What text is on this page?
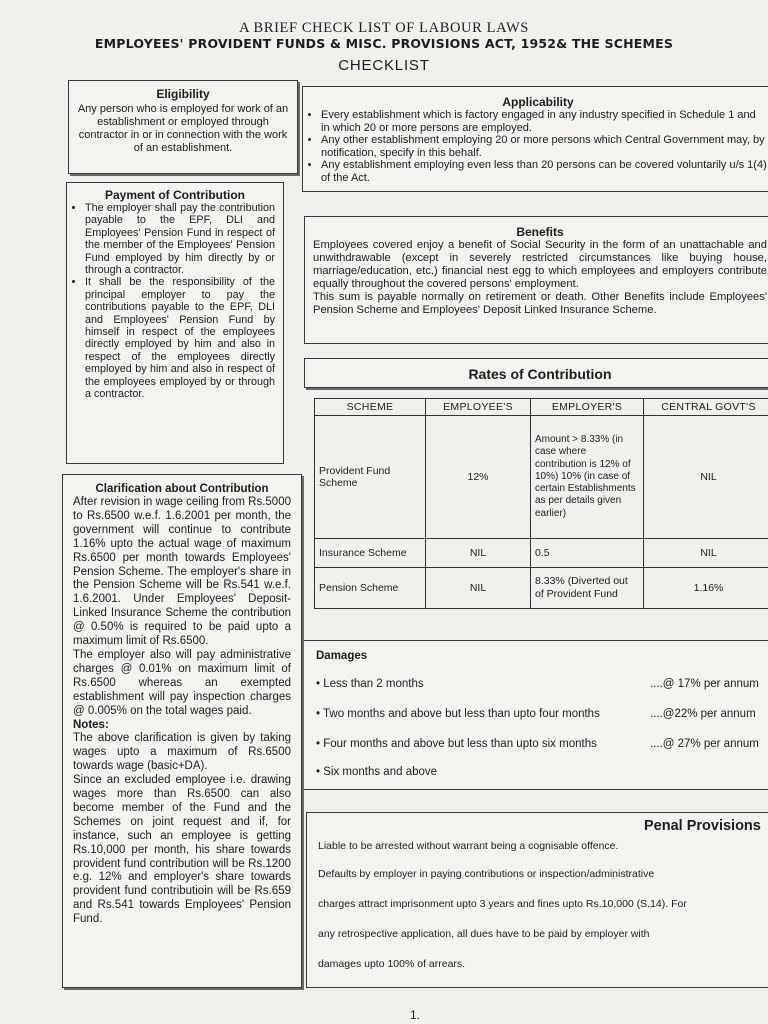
A BRIEF CHECK LIST OF LABOUR LAWS
EMPLOYEES' PROVIDENT FUNDS & MISC. PROVISIONS ACT, 1952& THE SCHEMES
CHECKLIST
Eligibility
Any person who is employed for work of an establishment or employed through contractor in or in connection with the work of an establishment.
Payment of Contribution
• The employer shall pay the contribution payable to the EPF, DLI and Employees' Pension Fund in respect of the member of the Employees' Pension Fund employed by him directly by or through a contractor.
• It shall be the responsibility of the principal employer to pay the contributions payable to the EPF, DLI and Employees' Pension Fund by himself in respect of the employees directly employed by him and also in respect of the employees directly employed by him and also in respect of the employees employed by or through a contractor.
Clarification about Contribution
After revision in wage ceiling from Rs.5000 to Rs.6500 w.e.f. 1.6.2001 per month, the government will continue to contribute 1.16% upto the actual wage of maximum Rs.6500 per month towards Employees' Pension Scheme. The employer's share in the Pension Scheme will be Rs.541 w.e.f. 1.6.2001. Under Employees' Deposit-Linked Insurance Scheme the contribution @ 0.50% is required to be paid upto a maximum limit of Rs.6500.
The employer also will pay administrative charges @ 0.01% on maximum limit of Rs.6500 whereas an exempted establishment will pay inspection charges @ 0.005% on the total wages paid.
Notes:
The above clarification is given by taking wages upto a maximum of Rs.6500 towards wage (basic+DA).
Since an excluded employee i.e. drawing wages more than Rs.6500 can also become member of the Fund and the Schemes on joint request and if, for instance, such an employee is getting Rs.10,000 per month, his share towards provident fund contribution will be Rs.1200 e.g. 12% and employer's share towards provident fund contributioin will be Rs.659 and Rs.541 towards Employees' Pension Fund.
Applicability
• Every establishment which is factory engaged in any industry specified in Schedule 1 and in which 20 or more persons are employed.
• Any other establishment employing 20 or more persons which Central Government may, by notification, specify in this behalf.
• Any establishment employing even less than 20 persons can be covered voluntarily u/s 1(4) of the Act.
Benefits
Employees covered enjoy a benefit of Social Security in the form of an unattachable and unwithdrawable (except in severely restricted circumstances like buying house, marriage/education, etc.) financial nest egg to which employees and employers contribute equally throughout the covered persons' employment.
This sum is payable normally on retirement or death. Other Benefits include Employees' Pension Scheme and Employees' Deposit Linked Insurance Scheme.
Rates of Contribution
SCHEME	EMPLOYEE'S	EMPLOYER'S	CENTRAL GOVT'S
Provident Fund Scheme	12%	Amount > 8.33% (in case where contribution is 12% of 10%) 10% (in case of certain Establishments as per details given earlier)	NIL
Insurance Scheme	NIL	0.5	NIL
Pension Scheme	NIL	8.33% (Diverted out of Provident Fund	1.16%
Damages
• Less than 2 months	....@ 17% per annum
• Two months and above but less than upto four months	....@22% per annum
• Four months and above but less than upto six months	....@ 27% per annum
• Six months and above
Penal Provisions
Liable to be arrested without warrant being a cognisable offence.
Defaults by employer in paying contributions or inspection/administrative
charges attract imprisonment upto 3 years and fines upto Rs.10,000 (S.14). For
any retrospective application, all dues have to be paid by employer with
damages upto 100% of arrears.
1.
